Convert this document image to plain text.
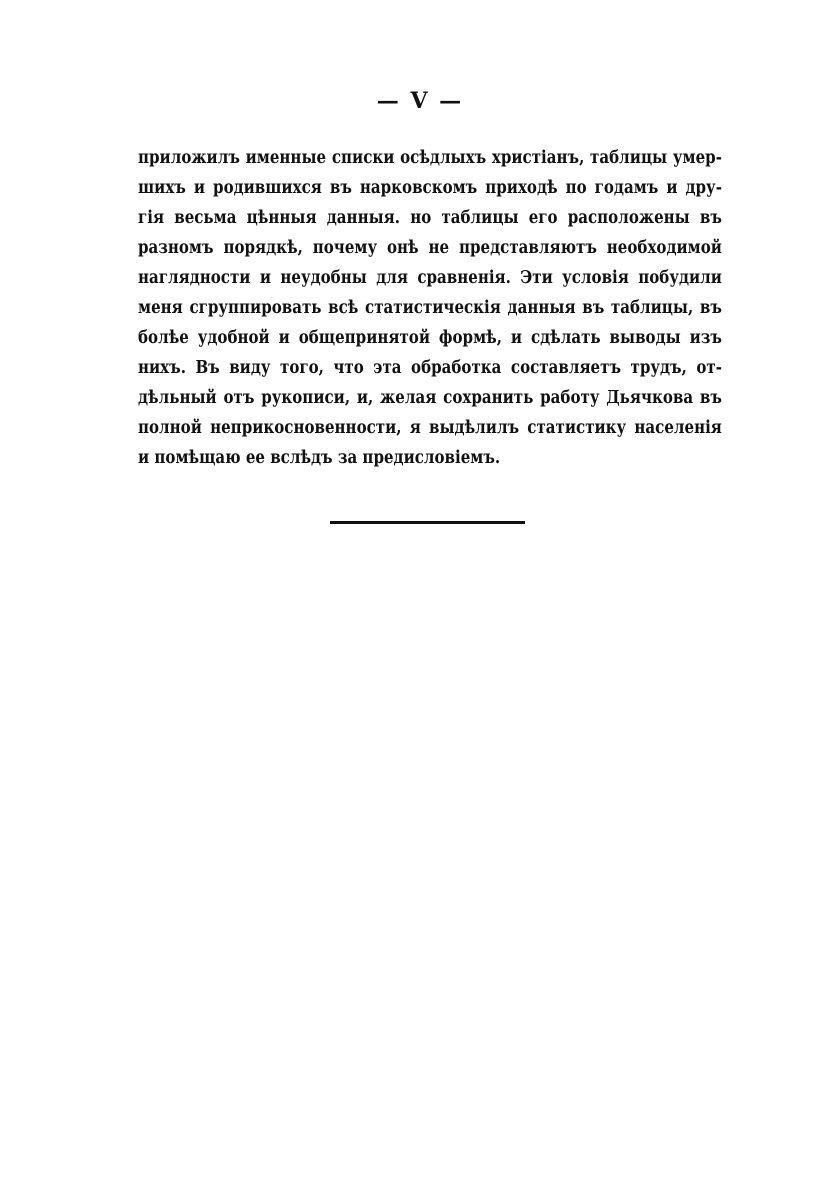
— V —
приложилъ именные списки осѣдлыхъ христіанъ, таблицы умер-
шихъ и родившихся въ нарковскомъ приходѣ по годамъ и дру-
гія весьма цѣнныя данныя. но таблицы его расположены въ
разномъ порядкѣ, почему онѣ не представляютъ необходимой
наглядности и неудобны для сравненія. Эти условія побудили
меня сгруппировать всѣ статистическія данныя въ таблицы, въ
болѣе удобной и общепринятой формѣ, и сдѣлать выводы изъ
нихъ. Въ виду того, что эта обработка составляетъ трудъ, от-
дѣльный отъ рукописи, и, желая сохранить работу Дьячкова въ
полной неприкосновенности, я выдѣлилъ статистику населенія
и помѣщаю ее вслѣдъ за предисловіемъ.
